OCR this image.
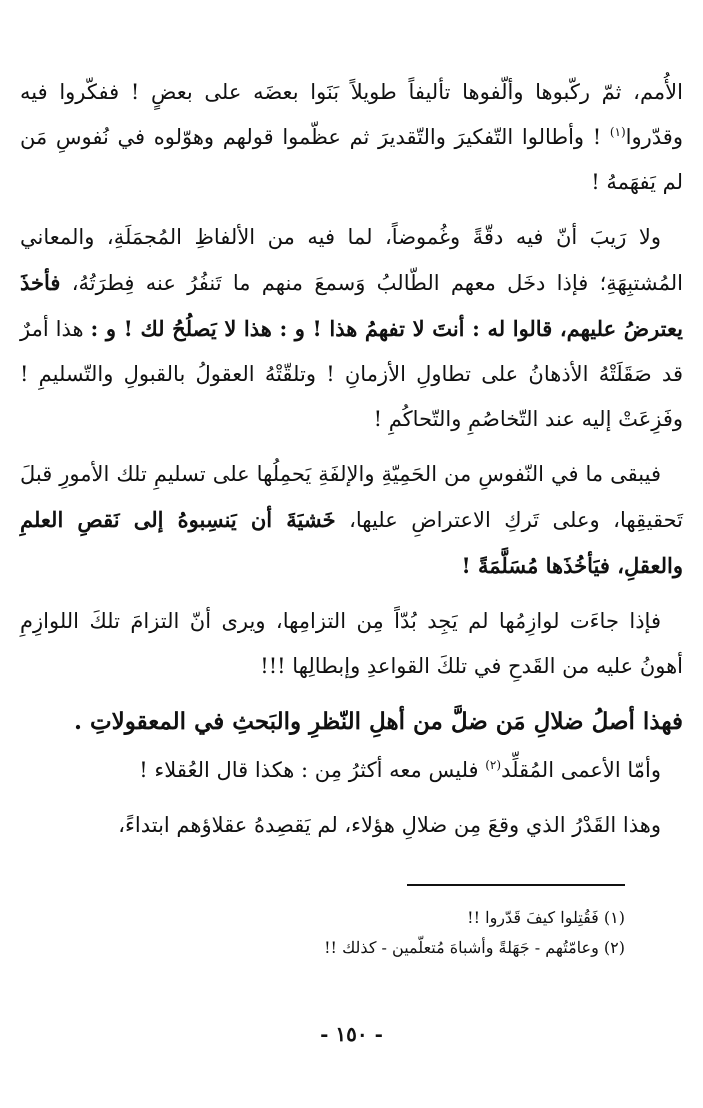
الأُمم، ثمّ ركّبوها وألّفوها تأليفاً طويلاً بَنَوا بعضَه على بعضٍ ! ففكّروا فيه وقدّروا$^{(١)}$ ! وأطالوا التّفكيرَ والتّقديرَ ثم عظّموا قولهم وهوّلوه في نُفوسِ مَن لم يَفهَمهُ !

ولا رَيبَ أنّ فيه دقّةً وغُموضاً، لما فيه من الألفاظِ المُجمَلَةِ، والمعاني المُشتبِهَةِ؛ فإذا دخَل معهم الطّالبُ وَسمعَ منهم ما تَنفُرُ عنه فِطرَتُهُ، فأخذَ يعترضُ عليهم، قالوا له : أنتَ لا تفهمُ هذا ! و : هذا لا يَصلُحُ لك ! و : هذا أمرٌ قد صَقَلَتْهُ الأذهانُ على تطاولِ الأزمانِ ! وتلقّتْهُ العقولُ بالقبولِ والتّسليمِ ! وفَزِعَتْ إليه عند التّخاصُمِ والتّحاكُمِ !

فيبقى ما في النّفوسِ من الحَمِيّةِ والإلفَةِ يَحمِلُها على تسليمِ تلك الأمورِ قبلَ تَحقيقِها، وعلى تَركِ الاعتراضِ عليها، خَشيَةَ أن يَنسِبوهُ إلى نَقصِ العلمِ والعقلِ، فيَأخُذَها مُسَلَّمَةً !

فإذا جاءَت لوازِمُها لم يَجِد بُدّاً مِن التزامِها، ويرى أنّ التزامَ تلكَ اللوازِمِ أهونُ عليه من القَدحِ في تلكَ القواعدِ وإبطالِها !!!

فهذا أصلُ ضلالِ مَن ضلَّ من أهلِ النّظرِ والبَحثِ في المعقولاتِ .

وأمّا الأعمى المُقلِّد$^{(٢)}$ فليس معه أكثرُ مِن : هكذا قال العُقلاء !

وهذا القَدْرُ الذي وقعَ مِن ضلالِ هؤلاء، لم يَقصِدهُ عقلاؤهم ابتداءً،

(١) فَقُتِلوا كيفَ قَدّروا !!

(٢) وعامّتُهم - جَهَلةً وأشباهَ مُتعلّمين - كذلك !!

- ١٥٠ -
